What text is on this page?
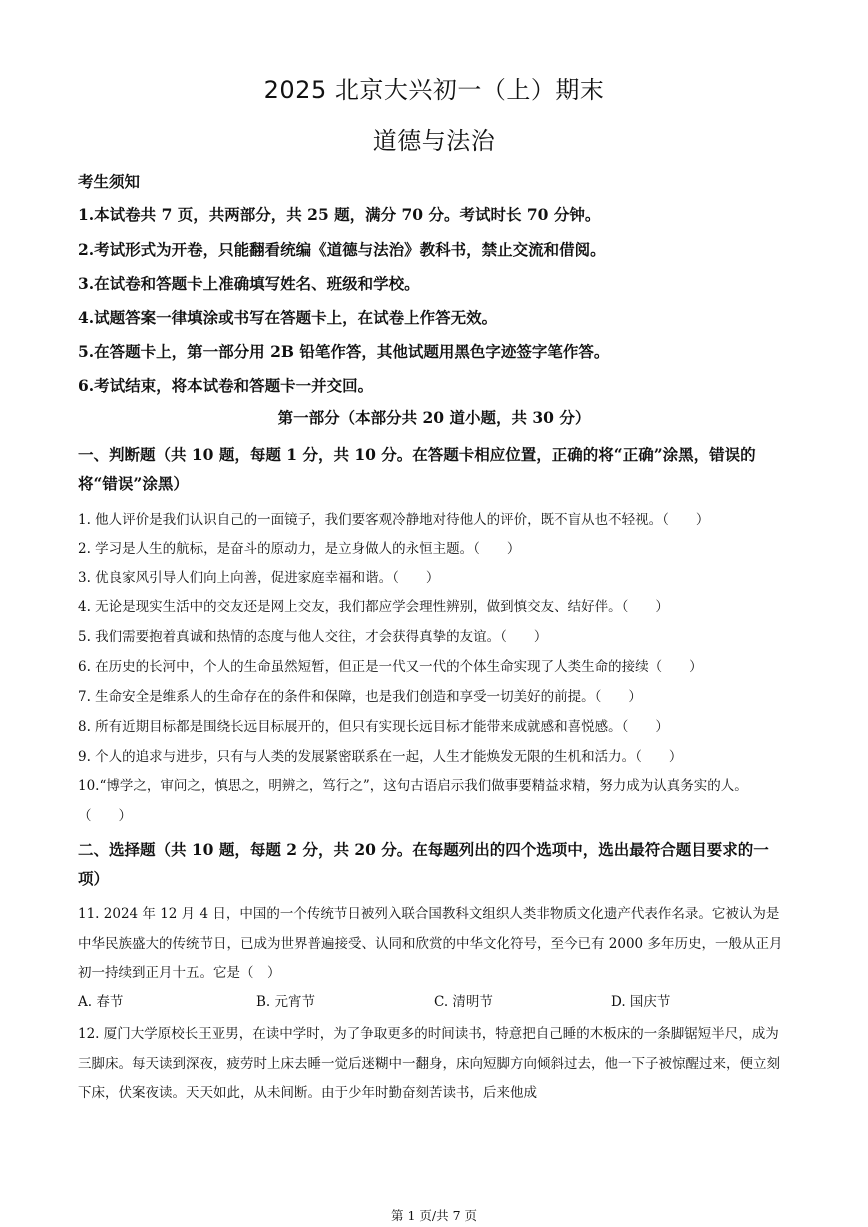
2025 北京大兴初一（上）期末
道德与法治
考生须知
1.本试卷共 7 页，共两部分，共 25 题，满分 70 分。考试时长 70 分钟。
2.考试形式为开卷，只能翻看统编《道德与法治》教科书，禁止交流和借阅。
3.在试卷和答题卡上准确填写姓名、班级和学校。
4.试题答案一律填涂或书写在答题卡上，在试卷上作答无效。
5.在答题卡上，第一部分用 2B 铅笔作答，其他试题用黑色字迹签字笔作答。
6.考试结束，将本试卷和答题卡一并交回。
第一部分（本部分共 20 道小题，共 30 分）
一、判断题（共 10 题，每题 1 分，共 10 分。在答题卡相应位置，正确的将“正确”涂黑，错误的将“错误”涂黑）
1. 他人评价是我们认识自己的一面镜子，我们要客观冷静地对待他人的评价，既不盲从也不轻视。（　　）
2. 学习是人生的航标，是奋斗的原动力，是立身做人的永恒主题。（　　）
3. 优良家风引导人们向上向善，促进家庭幸福和谐。（　　）
4. 无论是现实生活中的交友还是网上交友，我们都应学会理性辨别，做到慎交友、结好伴。（　　）
5. 我们需要抱着真诚和热情的态度与他人交往，才会获得真挚的友谊。（　　）
6. 在历史的长河中，个人的生命虽然短暂，但正是一代又一代的个体生命实现了人类生命的接续（　　）
7. 生命安全是维系人的生命存在的条件和保障，也是我们创造和享受一切美好的前提。（　　）
8. 所有近期目标都是围绕长远目标展开的，但只有实现长远目标才能带来成就感和喜悦感。（　　）
9. 个人的追求与进步，只有与人类的发展紧密联系在一起，人生才能焕发无限的生机和活力。（　　）
10.“博学之，审问之，慎思之，明辨之，笃行之”，这句古语启示我们做事要精益求精，努力成为认真务实的人。（　　）
二、选择题（共 10 题，每题 2 分，共 20 分。在每题列出的四个选项中，选出最符合题目要求的一项）
11. 2024 年 12 月 4 日，中国的一个传统节日被列入联合国教科文组织人类非物质文化遗产代表作名录。它被认为是中华民族盛大的传统节日，已成为世界普遍接受、认同和欣赏的中华文化符号，至今已有 2000 多年历史，一般从正月初一持续到正月十五。它是（　）
A. 春节	B. 元宵节	C. 清明节	D. 国庆节
12. 厦门大学原校长王亚男，在读中学时，为了争取更多的时间读书，特意把自己睡的木板床的一条脚锯短半尺，成为三脚床。每天读到深夜，疲劳时上床去睡一觉后迷糊中一翻身，床向短脚方向倾斜过去，他一下子被惊醒过来，便立刻下床，伏案夜读。天天如此，从未间断。由于少年时勤奋刻苦读书，后来他成
第 1 页/共 7 页
